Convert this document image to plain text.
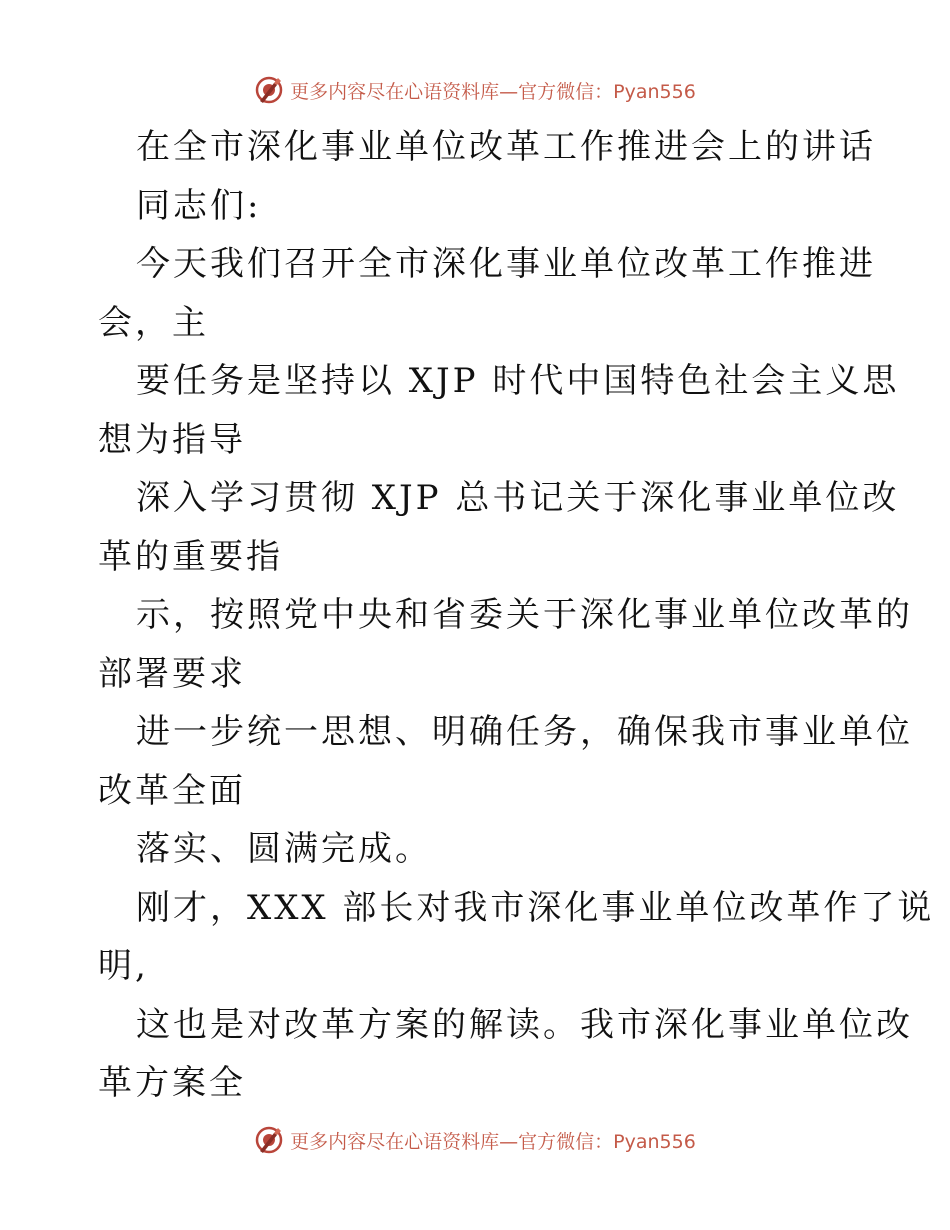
更多内容尽在心语资料库—官方微信：Pyan556
在全市深化事业单位改革工作推进会上的讲话
同志们:
今天我们召开全市深化事业单位改革工作推进
会，主
要任务是坚持以 XJP 时代中国特色社会主义思
想为指导
深入学习贯彻 XJP 总书记关于深化事业单位改
革的重要指
示，按照党中央和省委关于深化事业单位改革的
部署要求
进一步统一思想、明确任务，确保我市事业单位
改革全面
落实、圆满完成。
刚才，XXX 部长对我市深化事业单位改革作了说
明,
这也是对改革方案的解读。我市深化事业单位改
革方案全
更多内容尽在心语资料库—官方微信：Pyan556
